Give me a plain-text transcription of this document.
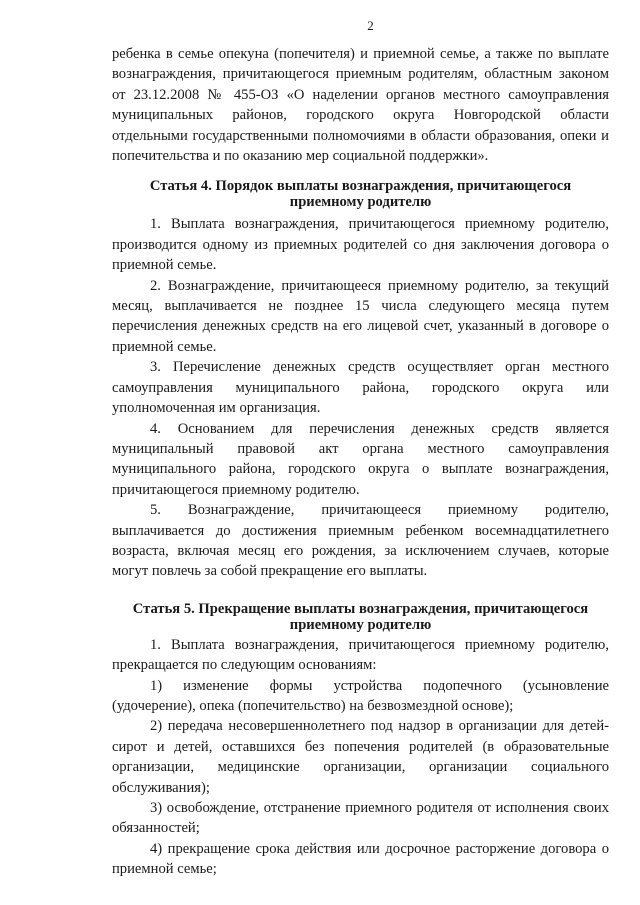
2

ребенка в семье опекуна (попечителя) и приемной семье, а также по выплате вознаграждения, причитающегося приемным родителям, областным законом от 23.12.2008 № 455-ОЗ «О наделении органов местного самоуправления муниципальных районов, городского округа Новгородской области отдельными государственными полномочиями в области образования, опеки и попечительства и по оказанию мер социальной поддержки».

Статья 4. Порядок выплаты вознаграждения, причитающегося
приемному родителю

1. Выплата вознаграждения, причитающегося приемному родителю, производится одному из приемных родителей со дня заключения договора о приемной семье.

2. Вознаграждение, причитающееся приемному родителю, за текущий месяц, выплачивается не позднее 15 числа следующего месяца путем перечисления денежных средств на его лицевой счет, указанный в договоре о приемной семье.

3. Перечисление денежных средств осуществляет орган местного самоуправления муниципального района, городского округа или уполномоченная им организация.

4. Основанием для перечисления денежных средств является муниципальный правовой акт органа местного самоуправления муниципального района, городского округа о выплате вознаграждения, причитающегося приемному родителю.

5. Вознаграждение, причитающееся приемному родителю, выплачивается до достижения приемным ребенком восемнадцатилетнего возраста, включая месяц его рождения, за исключением случаев, которые могут повлечь за собой прекращение его выплаты.

Статья 5. Прекращение выплаты вознаграждения, причитающегося
приемному родителю

1. Выплата вознаграждения, причитающегося приемному родителю, прекращается по следующим основаниям:

1) изменение формы устройства подопечного (усыновление (удочерение), опека (попечительство) на безвозмездной основе);

2) передача несовершеннолетнего под надзор в организации для детей-сирот и детей, оставшихся без попечения родителей (в образовательные организации, медицинские организации, организации социального обслуживания);

3) освобождение, отстранение приемного родителя от исполнения своих обязанностей;

4) прекращение срока действия или досрочное расторжение договора о приемной семье;
